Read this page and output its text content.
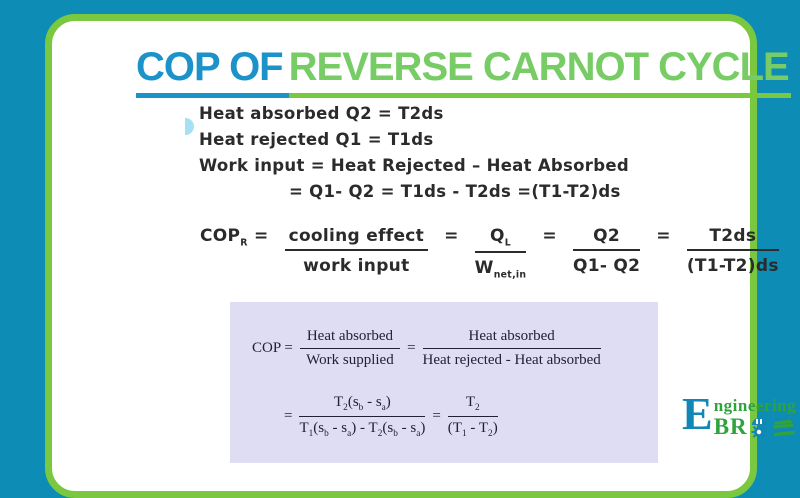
COP OFREVERSE CARNOT CYCLE
Heat absorbed Q2 = T2ds
Heat rejected Q1 = T1ds
Work input = Heat Rejected – Heat Absorbed
= Q1- Q2 = T1ds - T2ds =(T1-T2)ds
$COP_R = \frac{\text{cooling effect}}{\text{work input}} = \frac{Q_L}{W_{net,in}} = \frac{Q2}{Q1- Q2} = \frac{T2ds}{(T1-T2)ds}$
COP =
Heat absorbed
Work supplied
=
Heat absorbed
Heat rejected - Heat absorbed
= $\frac{T_2(s_b - s_a)}{T_1(s_b - s_a) - T_2(s_b - s_a)} = \frac{T_2}{(T_1 - T_2)}$	E ngineering
BR
